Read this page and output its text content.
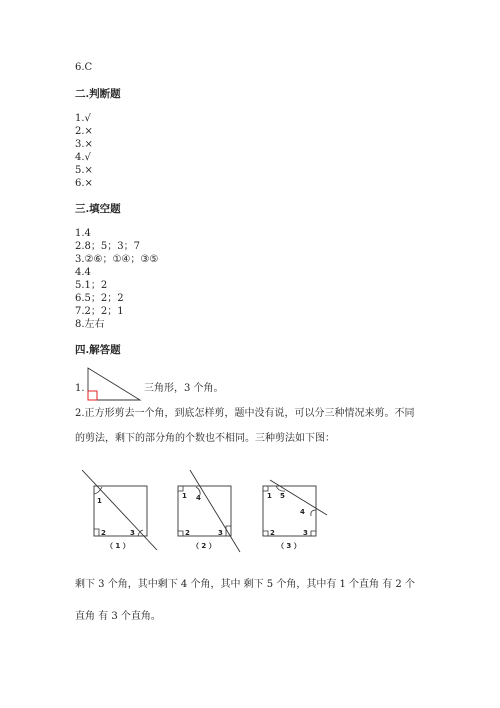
6.C
二.判断题
1.√
2.×
3.×
4.√
5.×
6.×
三.填空题
1.4
2.8；5；3；7
3.②⑥；①④；③⑤
4.4
5.1；2
6.5；2；2
7.2；2；1
8.左右
四.解答题
1.	三角形，3 个角。
2.正方形剪去一个角，到底怎样剪，题中没有说，可以分三种情况来剪。不同
的剪法，剩下的部分角的个数也不相同。三种剪法如下图：
1
2	3
（ 1 ）
1 4
2	3
（ 2 ）
1 5
4
2	3
（ 3 ）
剩下 3 个角，其中剩下 4 个角，其中 剩下 5 个角，其中有 1 个直角 有 2 个
直角 有 3 个直角。
